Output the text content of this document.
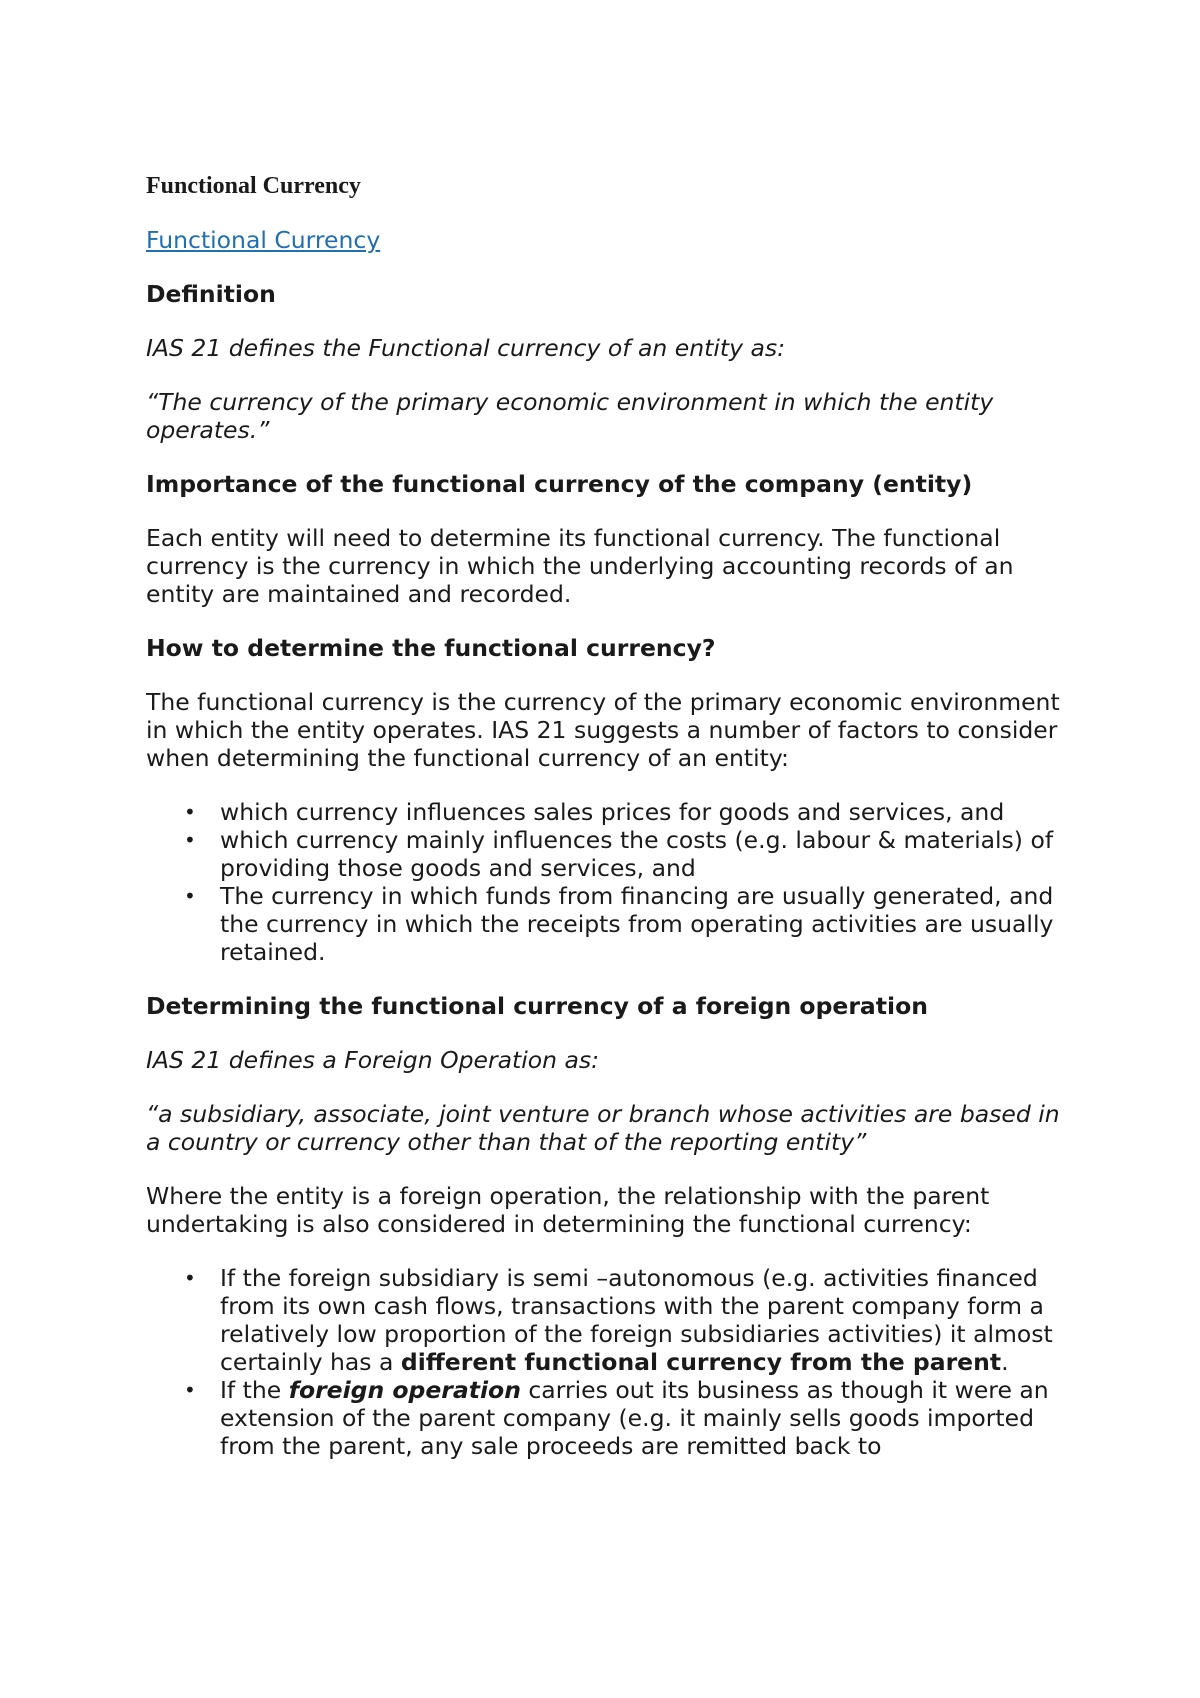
Functional Currency
Functional Currency

Definition

IAS 21 defines the Functional currency of an entity as:

“The currency of the primary economic environment in which the entity operates.”

Importance of the functional currency of the company (entity)

Each entity will need to determine its functional currency. The functional currency is the currency in which the underlying accounting records of an entity are maintained and recorded.

How to determine the functional currency?

The functional currency is the currency of the primary economic environment in which the entity operates. IAS 21 suggests a number of factors to consider when determining the functional currency of an entity:

• which currency influences sales prices for goods and services, and
• which currency mainly influences the costs (e.g. labour & materials) of providing those goods and services, and
• The currency in which funds from financing are usually generated, and the currency in which the receipts from operating activities are usually retained.

Determining the functional currency of a foreign operation

IAS 21 defines a Foreign Operation as:

“a subsidiary, associate, joint venture or branch whose activities are based in a country or currency other than that of the reporting entity”

Where the entity is a foreign operation, the relationship with the parent undertaking is also considered in determining the functional currency:

• If the foreign subsidiary is semi –autonomous (e.g. activities financed from its own cash flows, transactions with the parent company form a relatively low proportion of the foreign subsidiaries activities) it almost certainly has a different functional currency from the parent.
• If the foreign operation carries out its business as though it were an extension of the parent company (e.g. it mainly sells goods imported from the parent, any sale proceeds are remitted back to
